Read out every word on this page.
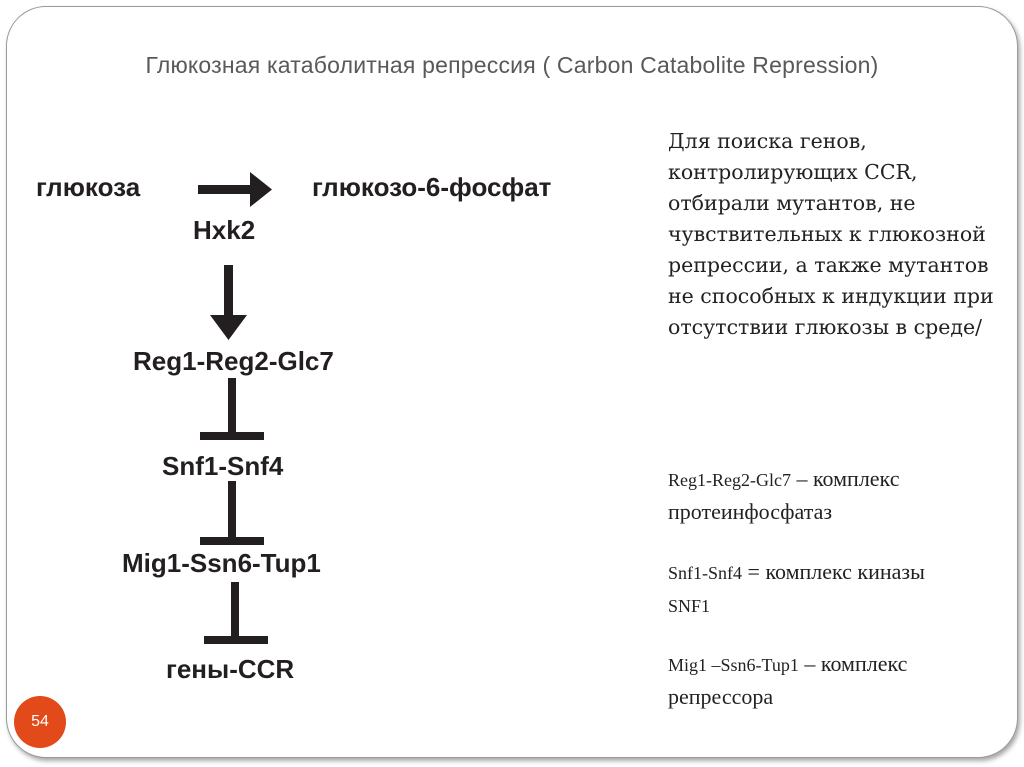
Глюкозная катаболитная репрессия ( Carbon Catabolite Repression)
глюкоза	глюкозо-6-фосфат
Hxk2
Reg1-Reg2-Glc7
Snf1-Snf4
Mig1-Ssn6-Tup1
гены-CCR
Для поиска генов, контролирующих CCR, отбирали мутантов, не чувствительных к глюкозной репрессии, а также мутантов не способных к индукции при отсутствии глюкозы в среде/
Reg1-Reg2-Glc7 – комплекс протеинфосфатаз
Snf1-Snf4 = комплекс киназы
SNF1
Mig1 –Ssn6-Tup1 – комплекс репрессора
54
